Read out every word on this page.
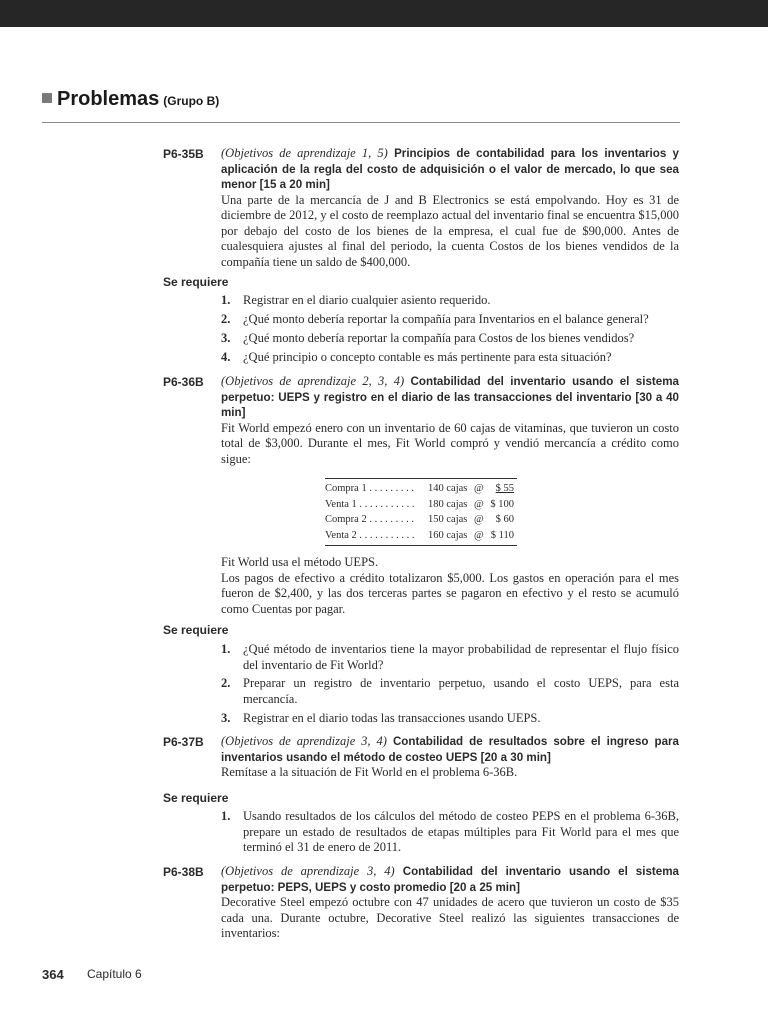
Problemas (Grupo B)
P6-35B (Objetivos de aprendizaje 1, 5) Principios de contabilidad para los inventarios y aplicación de la regla del costo de adquisición o el valor de mercado, lo que sea menor [15 a 20 min]
Una parte de la mercancía de J and B Electronics se está empolvando. Hoy es 31 de diciembre de 2012, y el costo de reemplazo actual del inventario final se encuentra $15,000 por debajo del costo de los bienes de la empresa, el cual fue de $90,000. Antes de cualesquiera ajustes al final del periodo, la cuenta Costos de los bienes vendidos de la compañía tiene un saldo de $400,000.
Se requiere
1. Registrar en el diario cualquier asiento requerido.
2. ¿Qué monto debería reportar la compañía para Inventarios en el balance general?
3. ¿Qué monto debería reportar la compañía para Costos de los bienes vendidos?
4. ¿Qué principio o concepto contable es más pertinente para esta situación?
P6-36B (Objetivos de aprendizaje 2, 3, 4) Contabilidad del inventario usando el sistema perpetuo: UEPS y registro en el diario de las transacciones del inventario [30 a 40 min]
Fit World empezó enero con un inventario de 60 cajas de vitaminas, que tuvieron un costo total de $3,000. Durante el mes, Fit World compró y vendió mercancía a crédito como sigue:
Compra 1 . . . . . . . . . 140 cajas @ $ 55
Venta 1 . . . . . . . . . . . 180 cajas @ $ 100
Compra 2 . . . . . . . . . 150 cajas @ $ 60
Venta 2 . . . . . . . . . . . 160 cajas @ $ 110
Fit World usa el método UEPS.
Los pagos de efectivo a crédito totalizaron $5,000. Los gastos en operación para el mes fueron de $2,400, y las dos terceras partes se pagaron en efectivo y el resto se acumuló como Cuentas por pagar.
Se requiere
1. ¿Qué método de inventarios tiene la mayor probabilidad de representar el flujo físico del inventario de Fit World?
2. Preparar un registro de inventario perpetuo, usando el costo UEPS, para esta mercancía.
3. Registrar en el diario todas las transacciones usando UEPS.
P6-37B (Objetivos de aprendizaje 3, 4) Contabilidad de resultados sobre el ingreso para inventarios usando el método de costeo UEPS [20 a 30 min]
Remítase a la situación de Fit World en el problema 6-36B.
Se requiere
1. Usando resultados de los cálculos del método de costeo PEPS en el problema 6-36B, prepare un estado de resultados de etapas múltiples para Fit World para el mes que terminó el 31 de enero de 2011.
P6-38B (Objetivos de aprendizaje 3, 4) Contabilidad del inventario usando el sistema perpetuo: PEPS, UEPS y costo promedio [20 a 25 min]
Decorative Steel empezó octubre con 47 unidades de acero que tuvieron un costo de $35 cada una. Durante octubre, Decorative Steel realizó las siguientes transacciones de inventarios:
364 Capítulo 6
